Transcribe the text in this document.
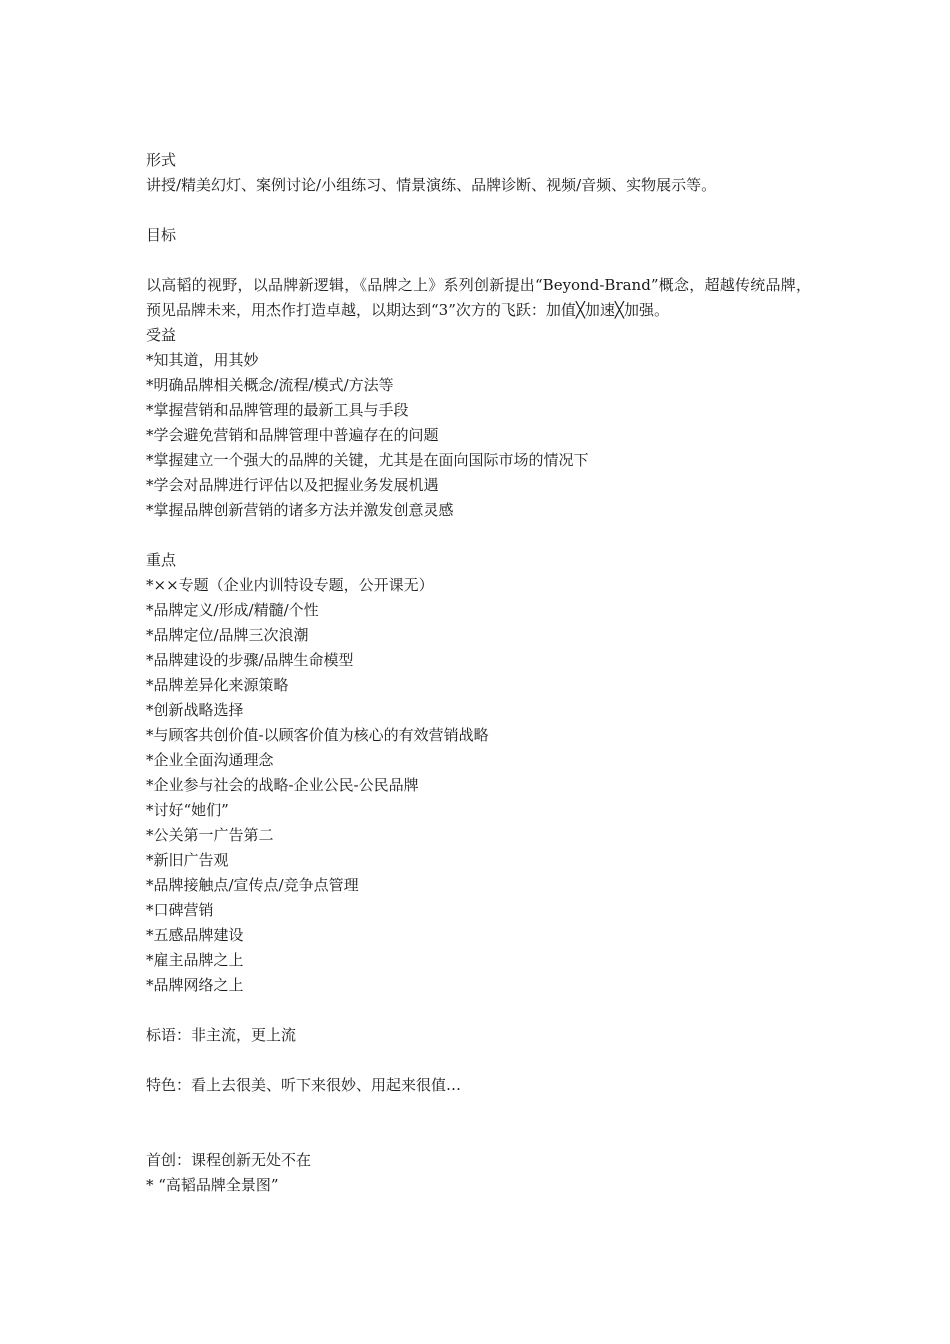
形式
讲授/精美幻灯、案例讨论/小组练习、情景演练、品牌诊断、视频/音频、实物展示等。
目标
以高韬的视野，以品牌新逻辑，《品牌之上》系列创新提出“Beyond-Brand”概念，超越传统品牌，预见品牌未来，用杰作打造卓越，以期达到“3”次方的飞跃：加值╳加速╳加强。
受益
*知其道，用其妙
*明确品牌相关概念/流程/模式/方法等
*掌握营销和品牌管理的最新工具与手段
*学会避免营销和品牌管理中普遍存在的问题
*掌握建立一个强大的品牌的关键，尤其是在面向国际市场的情况下
*学会对品牌进行评估以及把握业务发展机遇
*掌握品牌创新营销的诸多方法并激发创意灵感
重点
*××专题（企业内训特设专题，公开课无）
*品牌定义/形成/精髓/个性
*品牌定位/品牌三次浪潮
*品牌建设的步骤/品牌生命模型
*品牌差异化来源策略
*创新战略选择
*与顾客共创价值-以顾客价值为核心的有效营销战略
*企业全面沟通理念
*企业参与社会的战略-企业公民-公民品牌
*讨好“她们”
*公关第一广告第二
*新旧广告观
*品牌接触点/宣传点/竞争点管理
*口碑营销
*五感品牌建设
*雇主品牌之上
*品牌网络之上
标语：非主流，更上流
特色：看上去很美、听下来很妙、用起来很值…
首创：课程创新无处不在
* “高韬品牌全景图”
